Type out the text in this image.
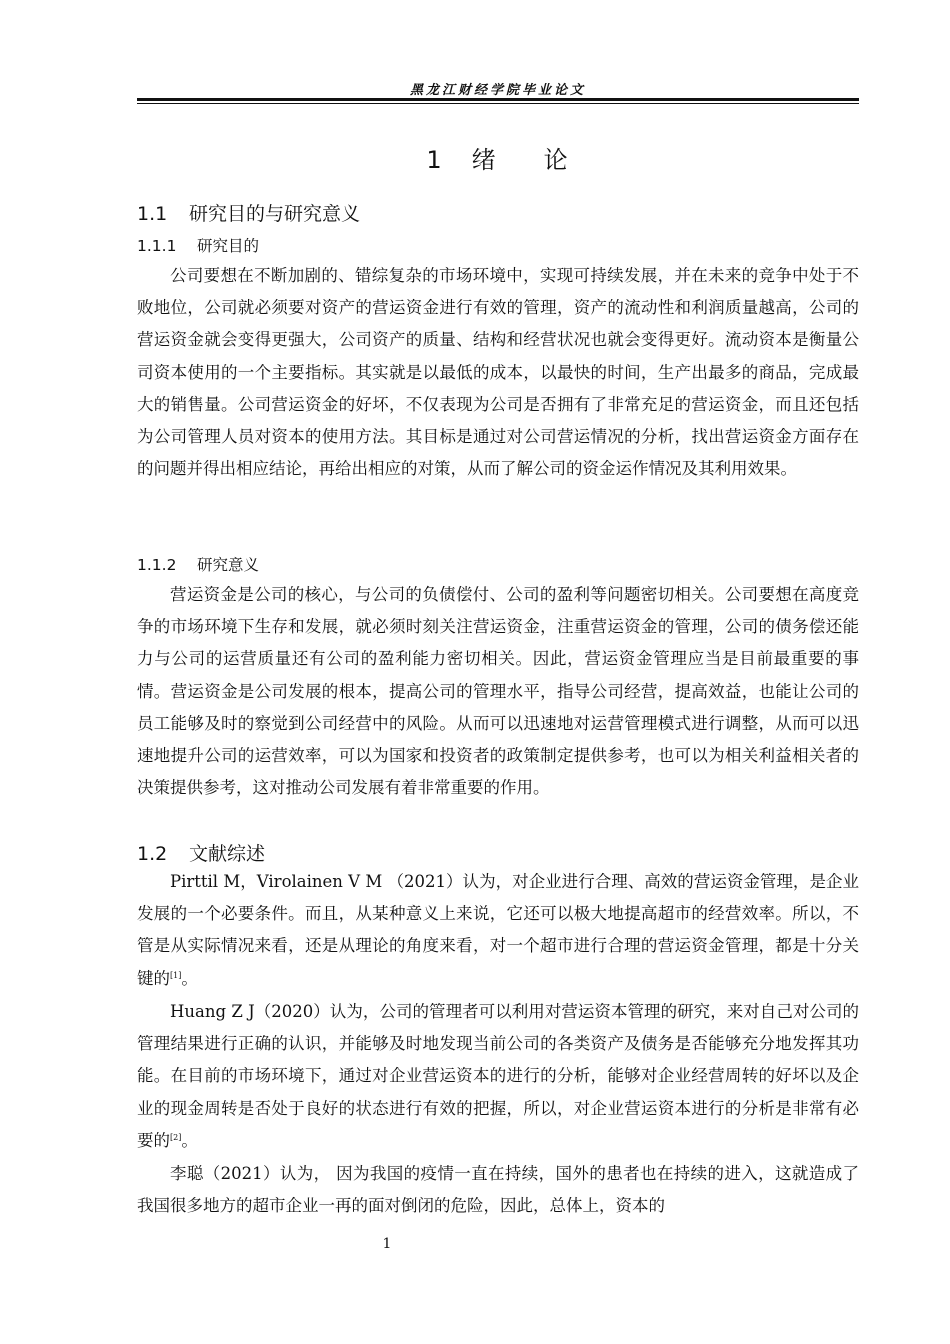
黑龙江财经学院毕业论文
1 绪 论
1.1 研究目的与研究意义
1.1.1 研究目的

公司要想在不断加剧的、错综复杂的市场环境中，实现可持续发展，并在未来的竞争中处于不败地位，公司就必须要对资产的营运资金进行有效的管理，资产的流动性和利润质量越高，公司的营运资金就会变得更强大，公司资产的质量、结构和经营状况也就会变得更好。流动资本是衡量公司资本使用的一个主要指标。其实就是以最低的成本，以最快的时间，生产出最多的商品，完成最大的销售量。公司营运资金的好坏，不仅表现为公司是否拥有了非常充足的营运资金，而且还包括为公司管理人员对资本的使用方法。其目标是通过对公司营运情况的分析，找出营运资金方面存在的问题并得出相应结论，再给出相应的对策，从而了解公司的资金运作情况及其利用效果。

1.1.2 研究意义

营运资金是公司的核心，与公司的负债偿付、公司的盈利等问题密切相关。公司要想在高度竞争的市场环境下生存和发展，就必须时刻关注营运资金，注重营运资金的管理，公司的债务偿还能力与公司的运营质量还有公司的盈利能力密切相关。因此，营运资金管理应当是目前最重要的事情。营运资金是公司发展的根本，提高公司的管理水平，指导公司经营，提高效益，也能让公司的员工能够及时的察觉到公司经营中的风险。从而可以迅速地对运营管理模式进行调整，从而可以迅速地提升公司的运营效率，可以为国家和投资者的政策制定提供参考，也可以为相关利益相关者的决策提供参考，这对推动公司发展有着非常重要的作用。

1.2 文献综述

Pirttil M，Virolainen V M （2021）认为，对企业进行合理、高效的营运资金管理，是企业发展的一个必要条件。而且，从某种意义上来说，它还可以极大地提高超市的经营效率。所以，不管是从实际情况来看，还是从理论的角度来看，对一个超市进行合理的营运资金管理，都是十分关键的[1]。

Huang Z J（2020）认为，公司的管理者可以利用对营运资本管理的研究，来对自己对公司的管理结果进行正确的认识，并能够及时地发现当前公司的各类资产及债务是否能够充分地发挥其功能。在目前的市场环境下，通过对企业营运资本的进行的分析，能够对企业经营周转的好坏以及企业的现金周转是否处于良好的状态进行有效的把握，所以，对企业营运资本进行的分析是非常有必要的[2]。

李聪（2021）认为， 因为我国的疫情一直在持续，国外的患者也在持续的进入，这就造成了我国很多地方的超市企业一再的面对倒闭的危险，因此，总体上，资本的

1
